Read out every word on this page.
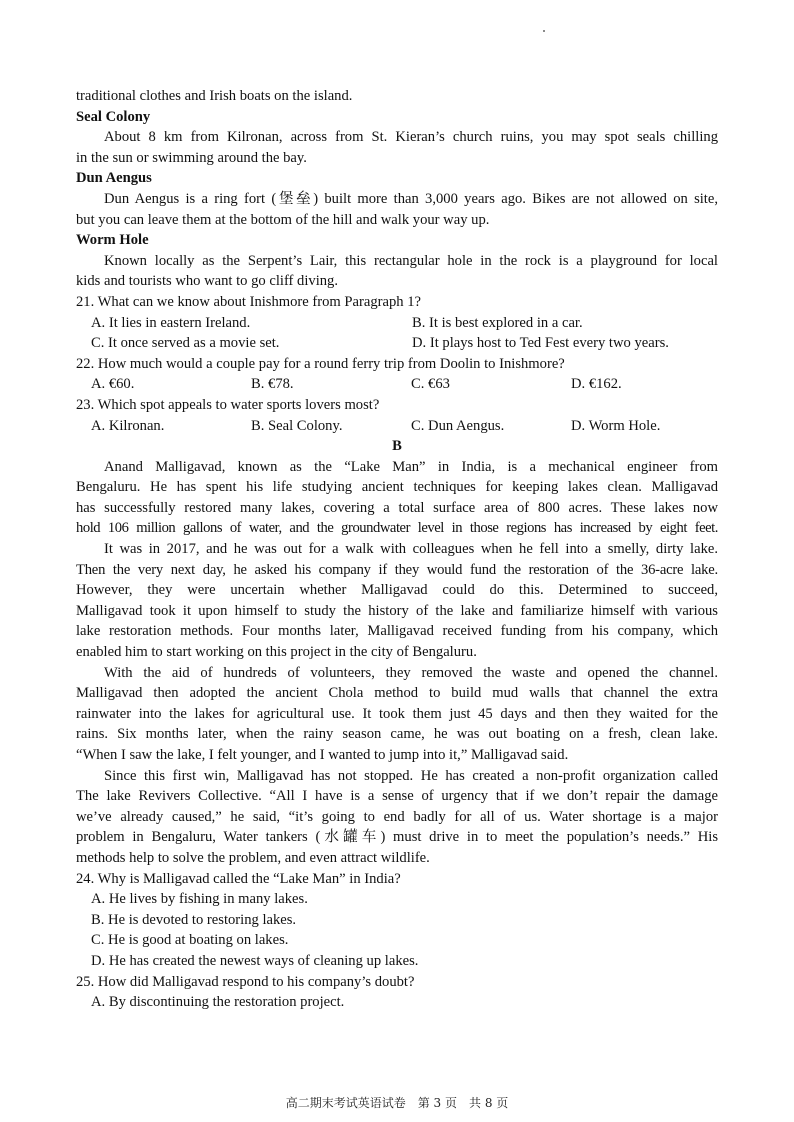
traditional clothes and Irish boats on the island.
Seal Colony
About 8 km from Kilronan, across from St. Kieran’s church ruins, you may spot seals chilling
in the sun or swimming around the bay.
Dun Aengus
Dun Aengus is a ring fort (堡垒) built more than 3,000 years ago. Bikes are not allowed on site,
but you can leave them at the bottom of the hill and walk your way up.
Worm Hole
Known locally as the Serpent’s Lair, this rectangular hole in the rock is a playground for local
kids and tourists who want to go cliff diving.
21. What can we know about Inishmore from Paragraph 1?
A. It lies in eastern Ireland.	B. It is best explored in a car.
C. It once served as a movie set.	D. It plays host to Ted Fest every two years.
22. How much would a couple pay for a round ferry trip from Doolin to Inishmore?
A. €60.	B. €78.	C. €63	D. €162.
23. Which spot appeals to water sports lovers most?
A. Kilronan.	B. Seal Colony.	C. Dun Aengus.	D. Worm Hole.
B
Anand Malligavad, known as the “Lake Man” in India, is a mechanical engineer from
Bengaluru. He has spent his life studying ancient techniques for keeping lakes clean. Malligavad
has successfully restored many lakes, covering a total surface area of 800 acres. These lakes now
hold 106 million gallons of water, and the groundwater level in those regions has increased by eight feet.
It was in 2017, and he was out for a walk with colleagues when he fell into a smelly, dirty lake.
Then the very next day, he asked his company if they would fund the restoration of the 36-acre lake.
However, they were uncertain whether Malligavad could do this. Determined to succeed,
Malligavad took it upon himself to study the history of the lake and familiarize himself with various
lake restoration methods. Four months later, Malligavad received funding from his company, which
enabled him to start working on this project in the city of Bengaluru.
With the aid of hundreds of volunteers, they removed the waste and opened the channel.
Malligavad then adopted the ancient Chola method to build mud walls that channel the extra
rainwater into the lakes for agricultural use. It took them just 45 days and then they waited for the
rains. Six months later, when the rainy season came, he was out boating on a fresh, clean lake.
“When I saw the lake, I felt younger, and I wanted to jump into it,” Malligavad said.
Since this first win, Malligavad has not stopped. He has created a non-profit organization called
The lake Revivers Collective. “All I have is a sense of urgency that if we don’t repair the damage
we’ve already caused,” he said, “it’s going to end badly for all of us. Water shortage is a major
problem in Bengaluru, Water tankers (水罐车) must drive in to meet the population’s needs.” His
methods help to solve the problem, and even attract wildlife.
24. Why is Malligavad called the “Lake Man” in India?
A. He lives by fishing in many lakes.
B. He is devoted to restoring lakes.
C. He is good at boating on lakes.
D. He has created the newest ways of cleaning up lakes.
25. How did Malligavad respond to his company’s doubt?
A. By discontinuing the restoration project.
高二期末考试英语试卷　第 3 页　共 8 页
